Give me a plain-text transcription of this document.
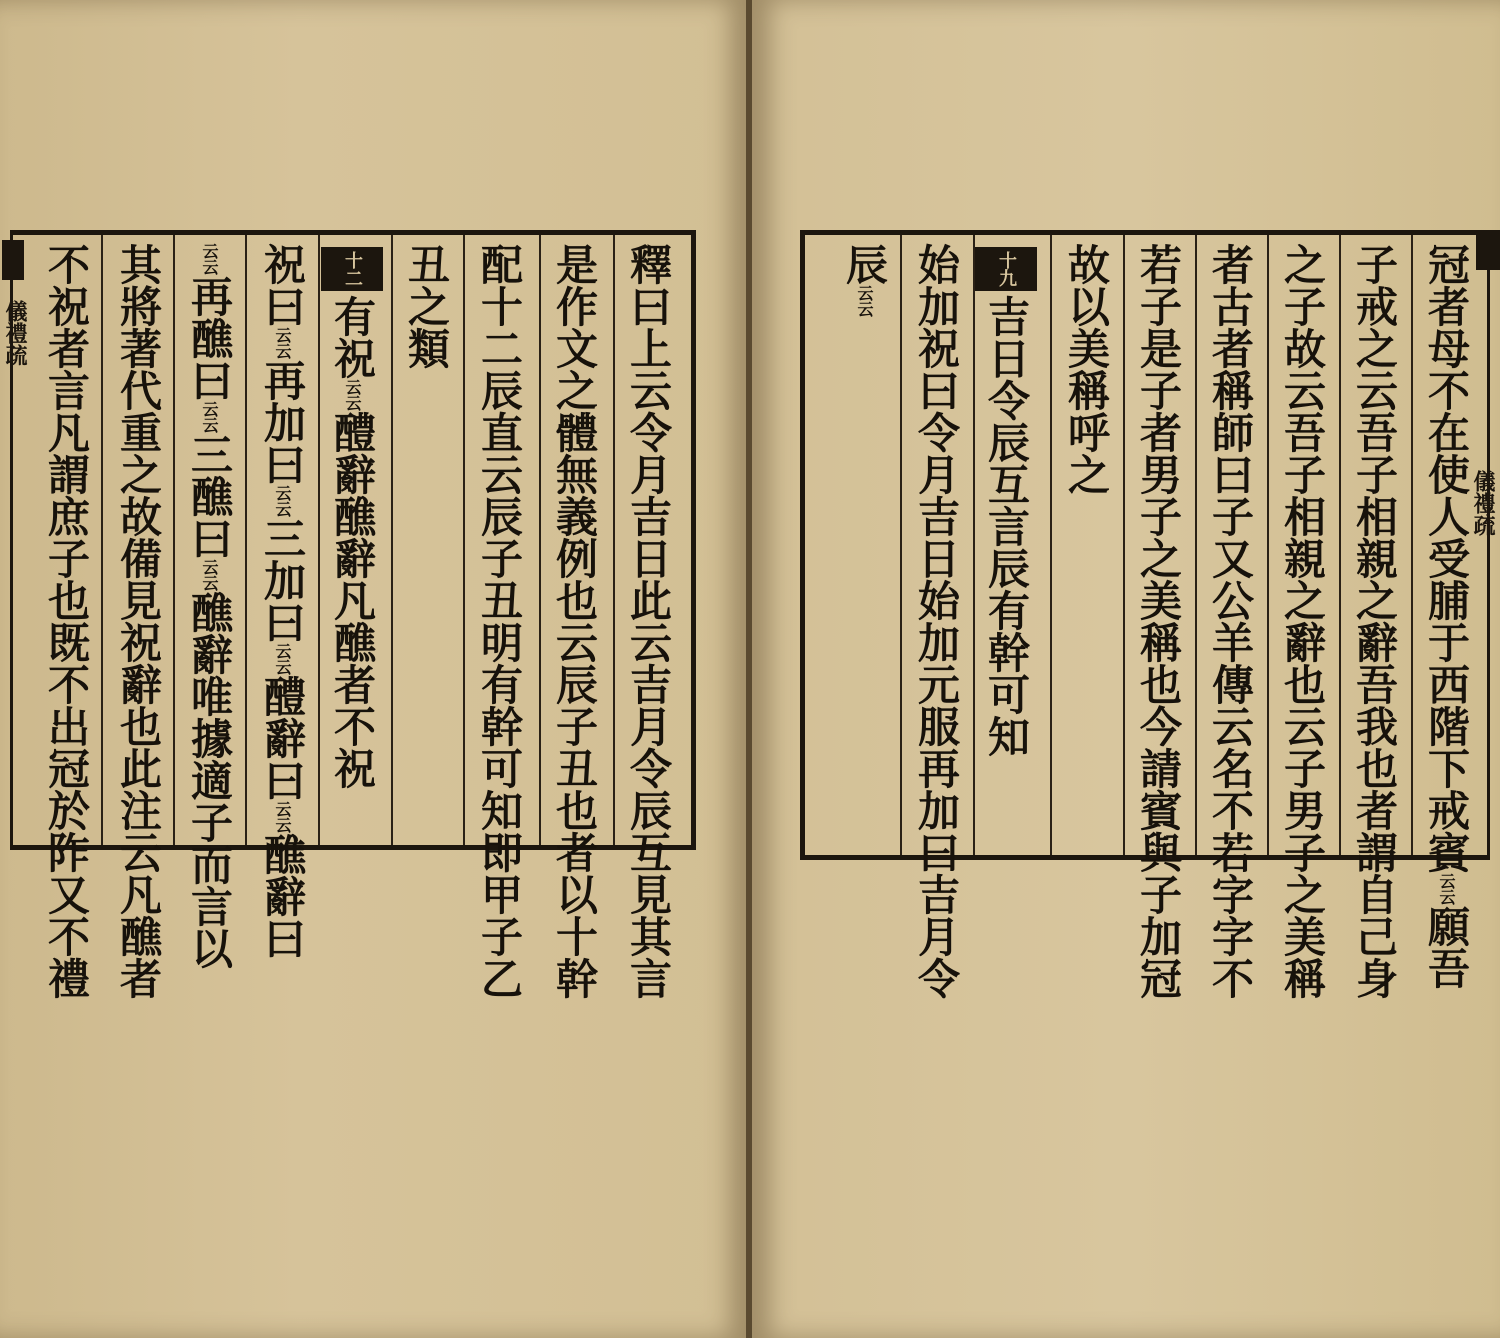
釋曰上云令月吉日此云吉月令辰互見其言
是作文之體無義例也云辰子丑也者以十幹
配十二辰直云辰子丑明有幹可知即甲子乙
丑之類
十二有祝云云醴辭醮辭凡醮者不祝
祝曰云云再加曰云云三加曰云云醴辭曰云云醮辭曰
云云再醮曰云云三醮曰云云醮辭唯據適子而言以
其將著代重之故備見祝辭也此注云凡醮者
不祝者言凡謂庶子也既不出冠於阼又不禮
儀禮疏	冠者母不在使人受脯于西階下戒賓云云願吾
子戒之云吾子相親之辭吾我也者謂自己身
之子故云吾子相親之辭也云子男子之美稱
者古者稱師曰子又公羊傳云名不若字字不
若子是子者男子之美稱也今請賓與子加冠
故以美稱呼之
十九吉日令辰互言辰有幹可知
始加祝曰令月吉日始加元服再加曰吉月令
辰云云
儀禮疏
